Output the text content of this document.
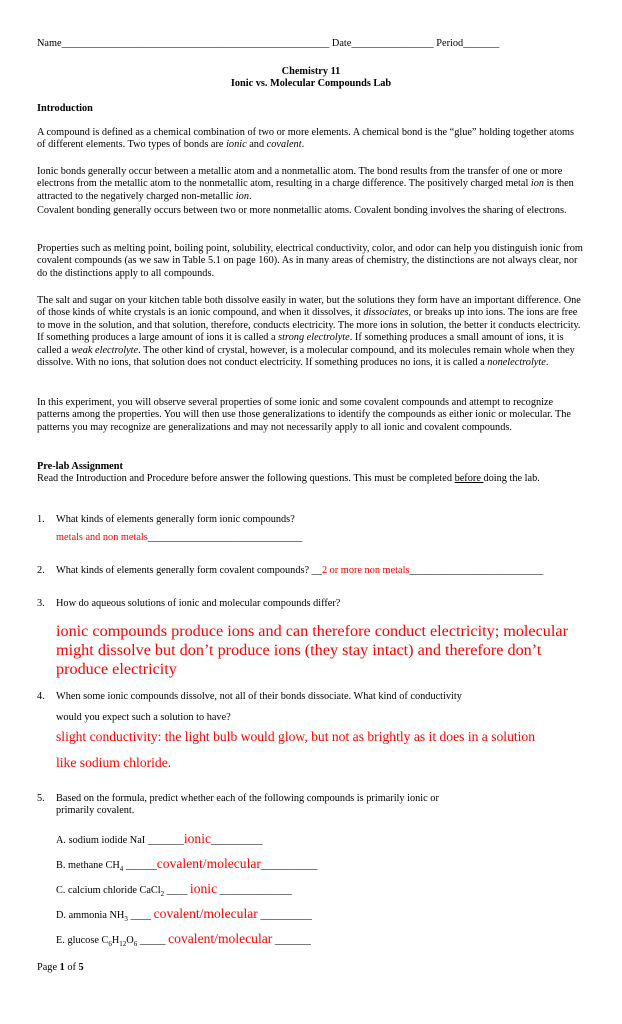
Name____________________________________________________ Date________________ Period_______
Chemistry 11
Ionic vs. Molecular Compounds Lab
Introduction

A compound is defined as a chemical combination of two or more elements. A chemical bond is the “glue” holding together atoms of different elements. Two types of bonds are ionic and covalent.

Ionic bonds generally occur between a metallic atom and a nonmetallic atom. The bond results from the transfer of one or more electrons from the metallic atom to the nonmetallic atom, resulting in a charge difference. The positively charged metal ion is then attracted to the negatively charged non-metallic ion.

Covalent bonding generally occurs between two or more nonmetallic atoms. Covalent bonding involves the sharing of electrons.

Properties such as melting point, boiling point, solubility, electrical conductivity, color, and odor can help you distinguish ionic from covalent compounds (as we saw in Table 5.1 on page 160). As in many areas of chemistry, the distinctions are not always clear, nor do the distinctions apply to all compounds.

The salt and sugar on your kitchen table both dissolve easily in water, but the solutions they form have an important difference. One of those kinds of white crystals is an ionic compound, and when it dissolves, it dissociates, or breaks up into ions. The ions are free to move in the solution, and that solution, therefore, conducts electricity. The more ions in solution, the better it conducts electricity. If something produces a large amount of ions it is called a strong electrolyte. If something produces a small amount of ions, it is called a weak electrolyte. The other kind of crystal, however, is a molecular compound, and its molecules remain whole when they dissolve. With no ions, that solution does not conduct electricity. If something produces no ions, it is called a nonelectrolyte.

In this experiment, you will observe several properties of some ionic and some covalent compounds and attempt to recognize patterns among the properties. You will then use those generalizations to identify the compounds as either ionic or molecular. The patterns you may recognize are generalizations and may not necessarily apply to all ionic and covalent compounds.

Pre-lab Assignment

Read the Introduction and Procedure before answer the following questions. This must be completed before doing the lab.

1. What kinds of elements generally form ionic compounds?
metals and non metals______________________________
2. What kinds of elements generally form covalent compounds? __2 or more non metals__________________________
3. How do aqueous solutions of ionic and molecular compounds differ?
ionic compounds produce ions and can therefore conduct electricity; molecular might dissolve but don’t produce ions (they stay intact) and therefore don’t produce electricity
4. When some ionic compounds dissolve, not all of their bonds dissociate. What kind of conductivity
would you expect such a solution to have?
slight conductivity: the light bulb would glow, but not as brightly as it does in a solution
like sodium chloride.
5. Based on the formula, predict whether each of the following compounds is primarily ionic or
primarily covalent.
A. sodium iodide NaI _______ionic__________
B. methane $CH_4$ ______covalent/molecular___________
C. calcium chloride CaCl$_2$ ____ ionic ______________
D. ammonia $NH_3$ ____ covalent/molecular __________
E. glucose $C_6H_{12}O_6$ _____ covalent/molecular _______
Page 1 of 5
